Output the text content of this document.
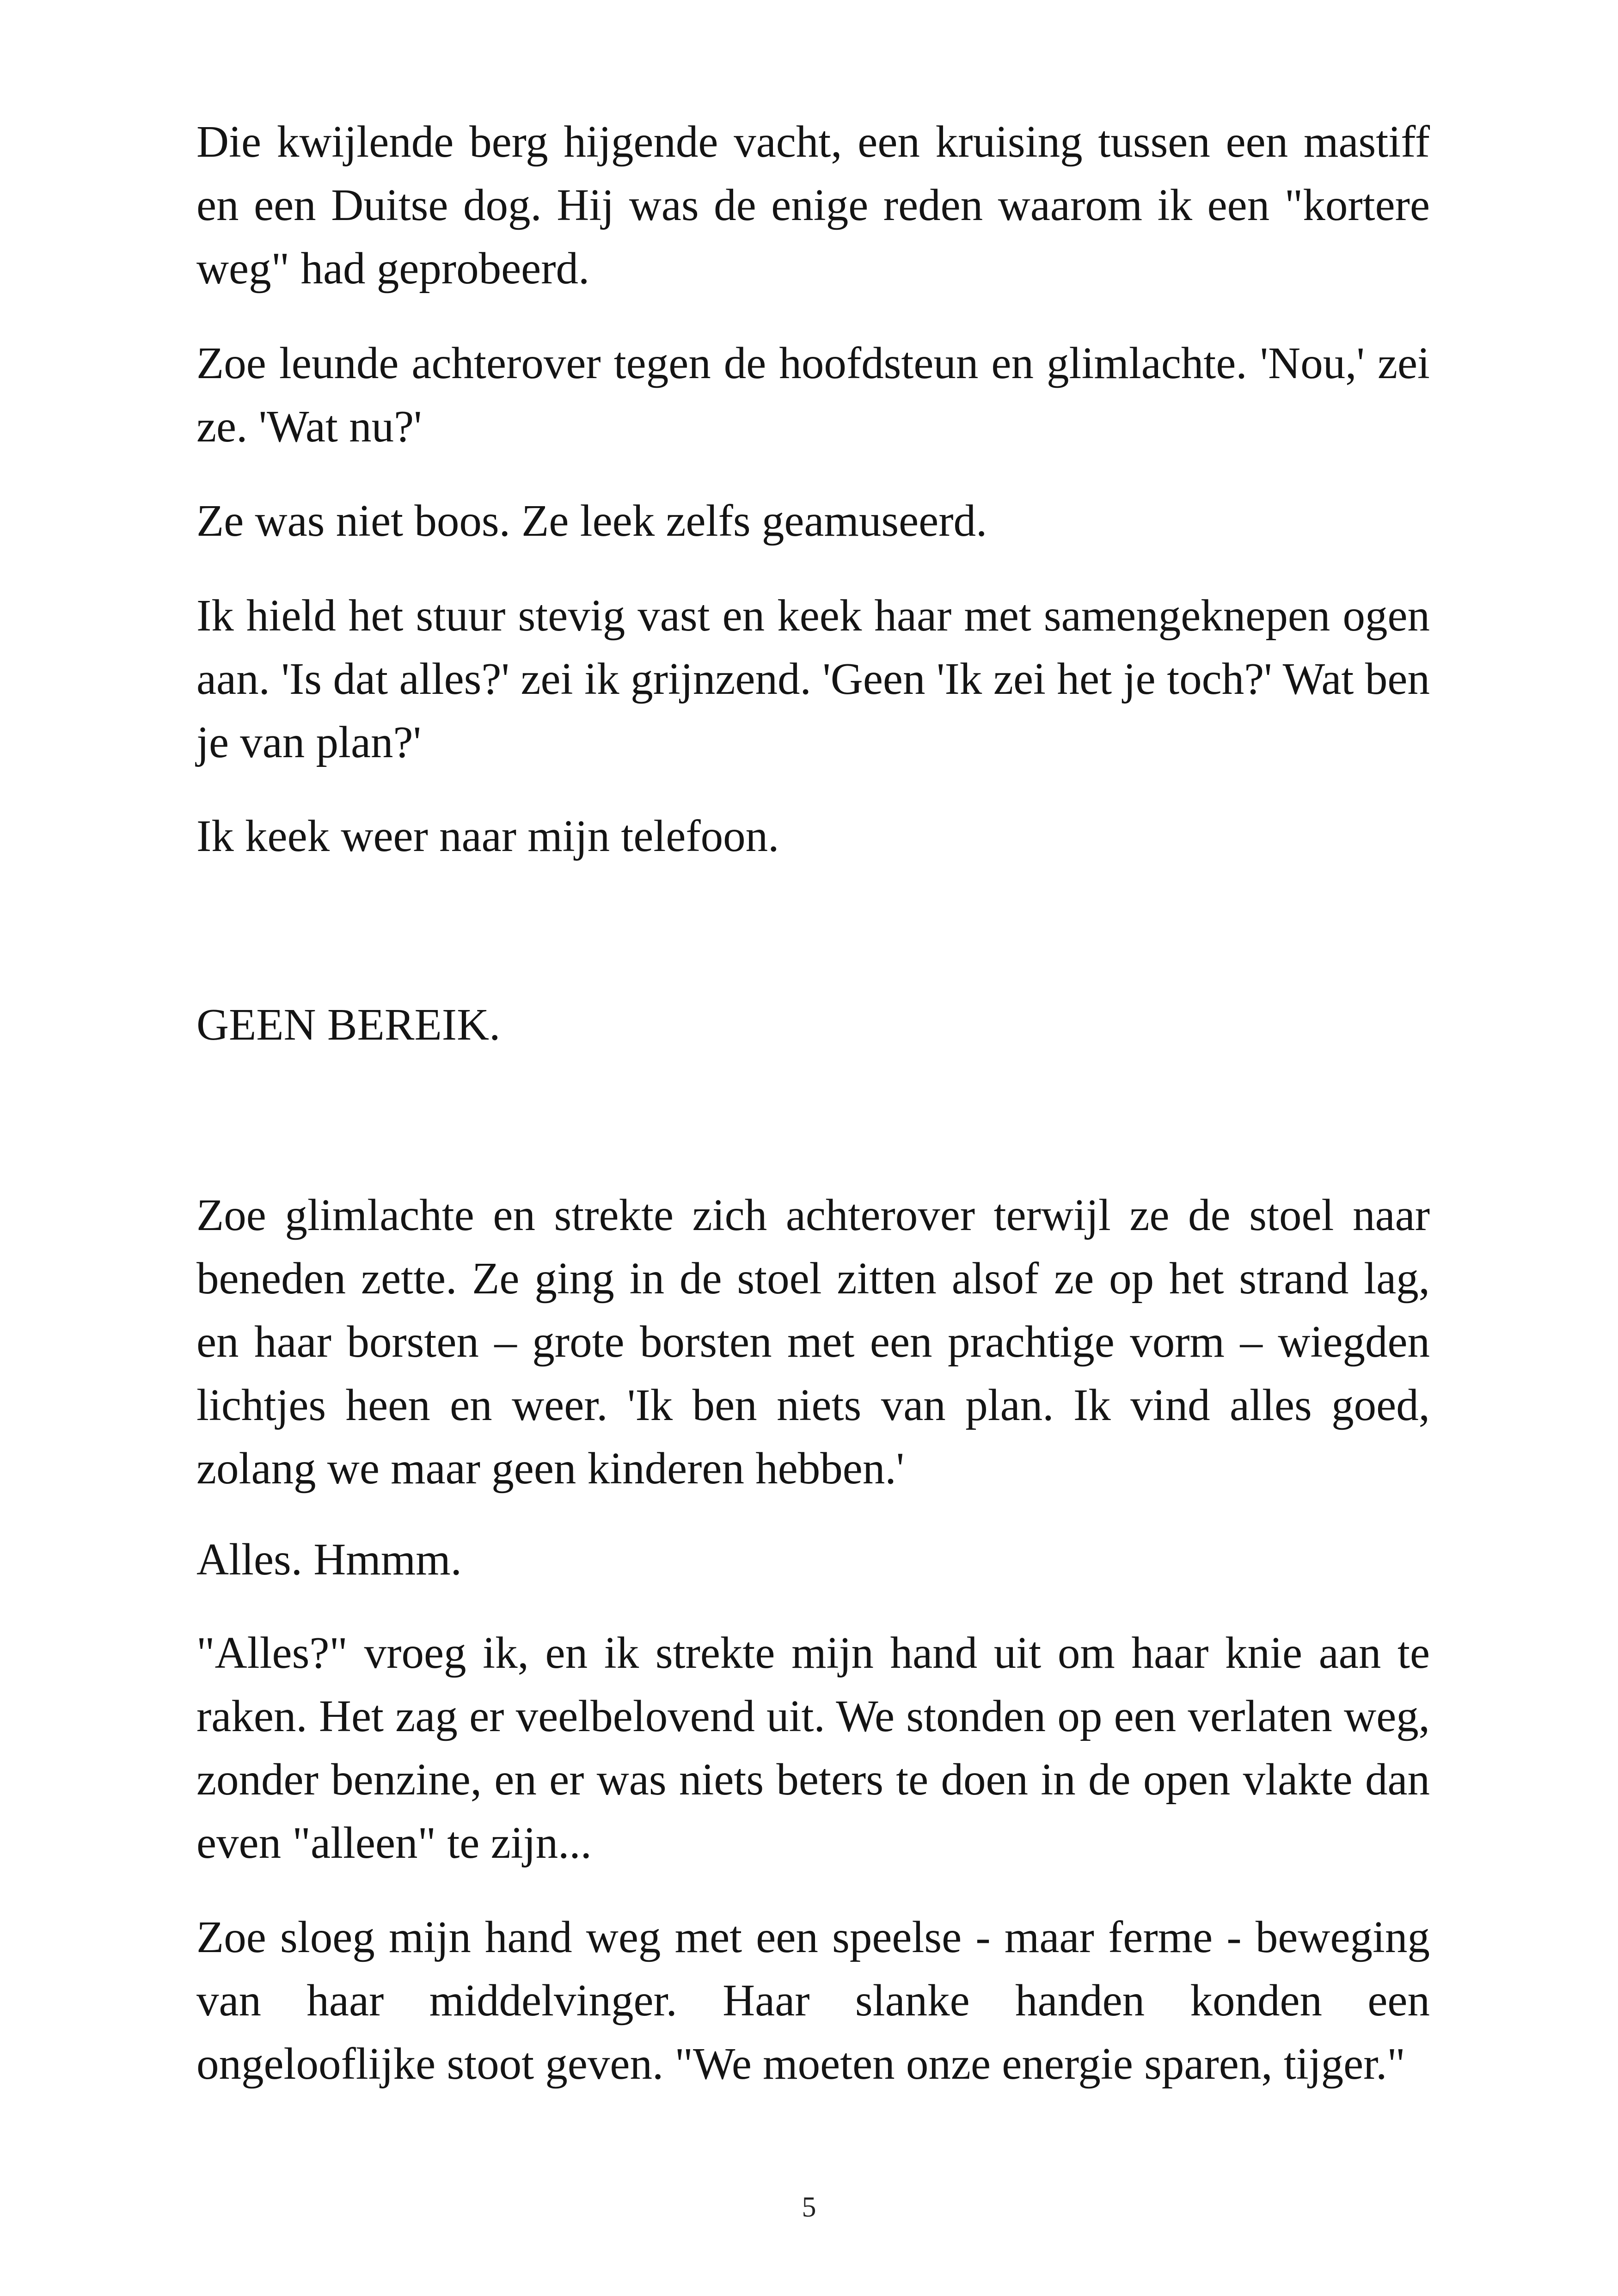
Die kwijlende berg hijgende vacht, een kruising tussen een mastiff en een Duitse dog. Hij was de enige reden waarom ik een "kortere weg" had geprobeerd.

Zoe leunde achterover tegen de hoofdsteun en glimlachte. 'Nou,' zei ze. 'Wat nu?'

Ze was niet boos. Ze leek zelfs geamuseerd.

Ik hield het stuur stevig vast en keek haar met samengeknepen ogen aan. 'Is dat alles?' zei ik grijnzend. 'Geen 'Ik zei het je toch?' Wat ben je van plan?'

Ik keek weer naar mijn telefoon.

GEEN BEREIK.

Zoe glimlachte en strekte zich achterover terwijl ze de stoel naar beneden zette. Ze ging in de stoel zitten alsof ze op het strand lag, en haar borsten – grote borsten met een prachtige vorm – wiegden lichtjes heen en weer. 'Ik ben niets van plan. Ik vind alles goed, zolang we maar geen kinderen hebben.'

Alles. Hmmm.

"Alles?" vroeg ik, en ik strekte mijn hand uit om haar knie aan te raken. Het zag er veelbelovend uit. We stonden op een verlaten weg, zonder benzine, en er was niets beters te doen in de open vlakte dan even "alleen" te zijn...

Zoe sloeg mijn hand weg met een speelse - maar ferme - beweging van haar middelvinger. Haar slanke handen konden een ongelooflijke stoot geven. "We moeten onze energie sparen, tijger."

5
